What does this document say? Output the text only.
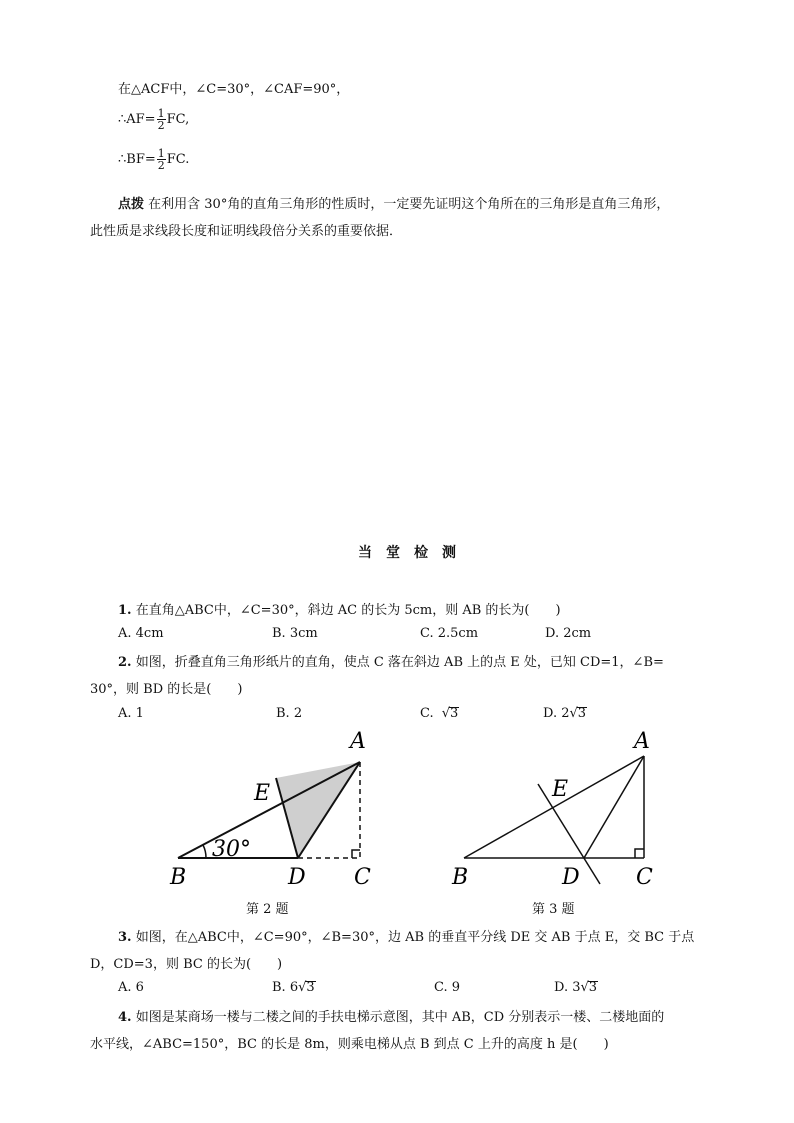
在△ACF中，∠C=30°，∠CAF=90°，
∴AF= $\frac{1}{2}$ FC,
∴BF= $\frac{1}{2}$ FC.
点拨 在利用含 30°角的直角三角形的性质时，一定要先证明这个角所在的三角形是直角三角形，
此性质是求线段长度和证明线段倍分关系的重要依据．
当　堂　检　测
1. 在直角△ABC中，∠C=30°，斜边 AC 的长为 5cm，则 AB 的长为(　　)
A. 4cm	B. 3cm	C. 2.5cm	D. 2cm
2. 如图，折叠直角三角形纸片的直角，使点 C 落在斜边 AB 上的点 E 处，已知 CD=1，∠B=
30°，则 BD 的长是(　　)
A. 1	B. 2	C. √3	D. 2√3
30°
A
E
B	D C
第 2 题
A
E
B	D	C
第 3 题
3. 如图，在△ABC中，∠C=90°，∠B=30°，边 AB 的垂直平分线 DE 交 AB 于点 E，交 BC 于点
D，CD=3，则 BC 的长为(　　)
A. 6	B. 6√3	C. 9	D. 3√3
4. 如图是某商场一楼与二楼之间的手扶电梯示意图，其中 AB，CD 分别表示一楼、二楼地面的
水平线，∠ABC=150°，BC 的长是 8m，则乘电梯从点 B 到点 C 上升的高度 h 是(　　)
